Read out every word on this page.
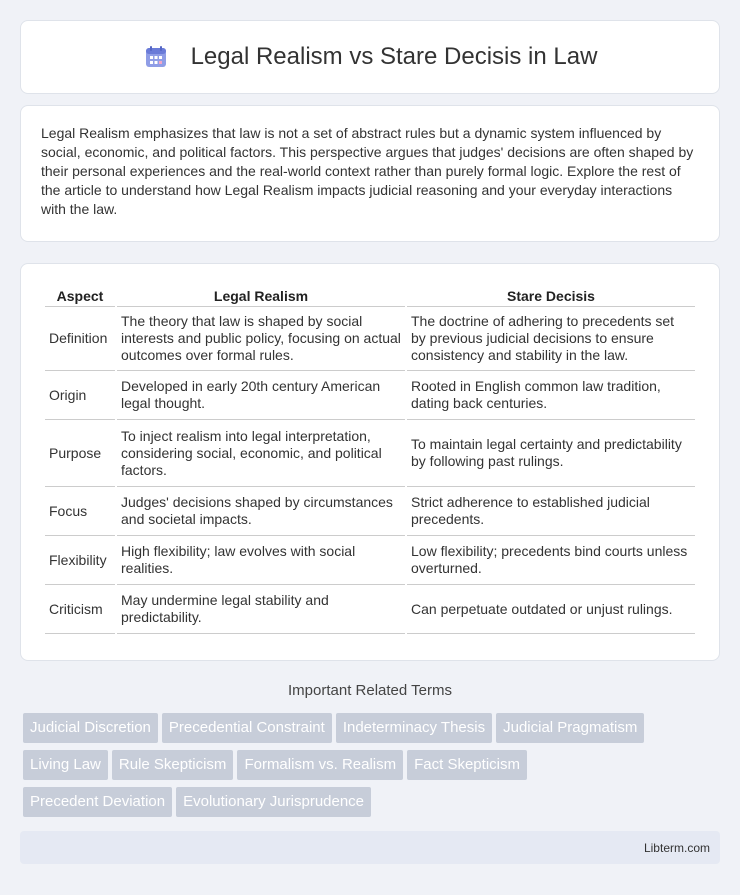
Legal Realism vs Stare Decisis in Law

Legal Realism emphasizes that law is not a set of abstract rules but a dynamic system influenced by social, economic, and political factors. This perspective argues that judges' decisions are often shaped by their personal experiences and the real-world context rather than purely formal logic. Explore the rest of the article to understand how Legal Realism impacts judicial reasoning and your everyday interactions with the law.

Aspect	Legal Realism	Stare Decisis
Definition	The theory that law is shaped by social interests and public policy, focusing on actual outcomes over formal rules.	The doctrine of adhering to precedents set by previous judicial decisions to ensure consistency and stability in the law.
Origin	Developed in early 20th century American legal thought.	Rooted in English common law tradition, dating back centuries.
Purpose	To inject realism into legal interpretation, considering social, economic, and political factors.	To maintain legal certainty and predictability by following past rulings.
Focus	Judges' decisions shaped by circumstances and societal impacts.	Strict adherence to established judicial precedents.
Flexibility	High flexibility; law evolves with social realities.	Low flexibility; precedents bind courts unless overturned.
Criticism	May undermine legal stability and predictability.	Can perpetuate outdated or unjust rulings.
Important Related Terms
Judicial Discretion Precedential Constraint Indeterminacy Thesis Judicial Pragmatism
Living Law Rule Skepticism Formalism vs. Realism Fact Skepticism
Precedent Deviation Evolutionary Jurisprudence
Libterm.com
